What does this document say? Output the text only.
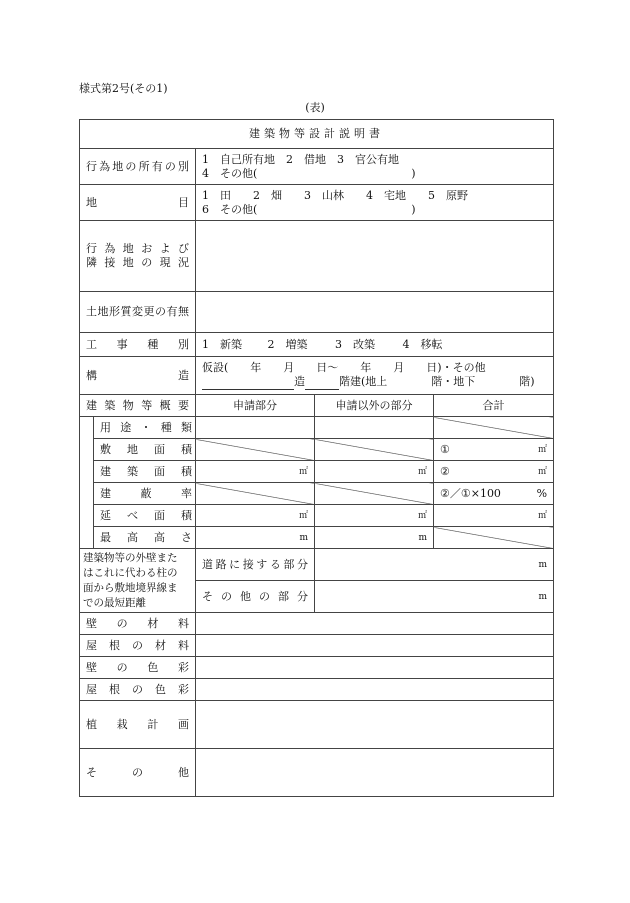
様式第2号(その1)
(表)
建築物等設計説明書				

行為地の所有の別		1　自己所有地　2　借地　3　官公有地
4　その他(　　　　　　　　　　　　　　)		

地 目		1　田　　2　畑　　3　山林　　4　宅地　　5　原野
6　その他(　　　　　　　　　　　　　　)		

行為地および
隣接地の現況				

土地形質変更の有無				

工事種別		1　新築 2　増築 3　改築 4　移転		

構 造		仮設(　　年　　月　　日～　　年　　月　　日)・その他
造 階建(地上　　　　階・地下　　　　階)		

建築物等概要		申請部分	申請以外の部分	合計

	用途・種類			

	敷地面積			① ㎡

	建築面積	㎡	㎡	② ㎡

	建蔽率			②／①×100 %

	延べ面積	㎡	㎡	㎡

	最高高さ	m	m	

建築物等の外壁また
はこれに代わる柱の
面から敷地境界線ま
での最短距離		道路に接する部分	m	

		その他の部分	m	

壁の材料				

屋根の材料				

壁の色彩				

屋根の色彩				

植栽計画				

その他				
